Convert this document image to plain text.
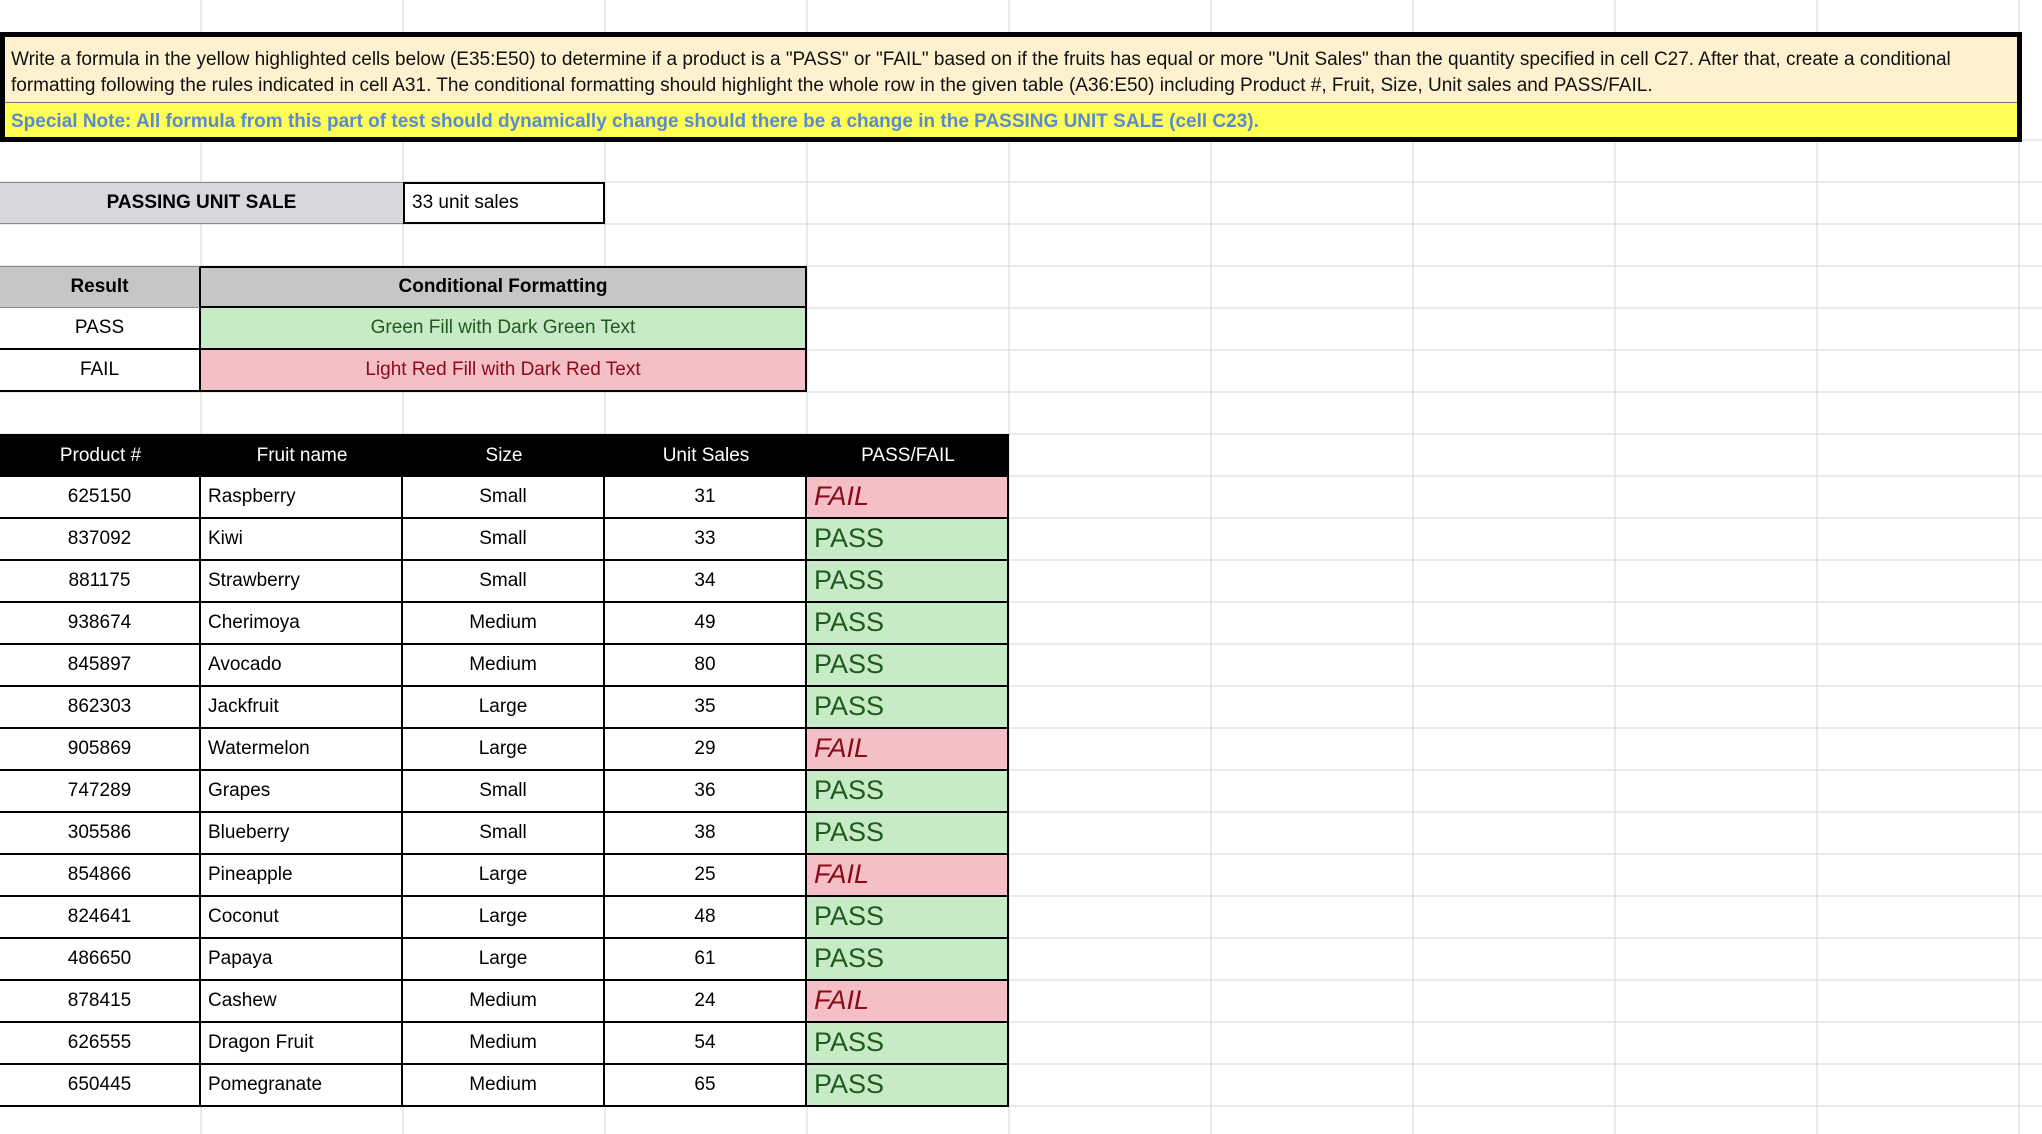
Write a formula in the yellow highlighted cells below (E35:E50) to determine if a product is a "PASS" or "FAIL" based on if the fruits has equal or more "Unit Sales" than the quantity specified in cell C27. After that, create a conditional
formatting following the rules indicated in cell A31. The conditional formatting should highlight the whole row in the given table (A36:E50) including Product #, Fruit, Size, Unit sales and PASS/FAIL.
Special Note: All formula from this part of test should dynamically change should there be a change in the PASSING UNIT SALE (cell C23).
PASSING UNIT SALE	33 unit sales
Result	Conditional Formatting
PASS	Green Fill with Dark Green Text
FAIL	Light Red Fill with Dark Red Text
Product #	Fruit name	Size	Unit Sales	PASS/FAIL
625150	Raspberry	Small	31	FAIL
837092	Kiwi	Small	33	PASS
881175	Strawberry	Small	34	PASS
938674	Cherimoya	Medium	49	PASS
845897	Avocado	Medium	80	PASS
862303	Jackfruit	Large	35	PASS
905869	Watermelon	Large	29	FAIL
747289	Grapes	Small	36	PASS
305586	Blueberry	Small	38	PASS
854866	Pineapple	Large	25	FAIL
824641	Coconut	Large	48	PASS
486650	Papaya	Large	61	PASS
878415	Cashew	Medium	24	FAIL
626555	Dragon Fruit	Medium	54	PASS
650445	Pomegranate	Medium	65	PASS
